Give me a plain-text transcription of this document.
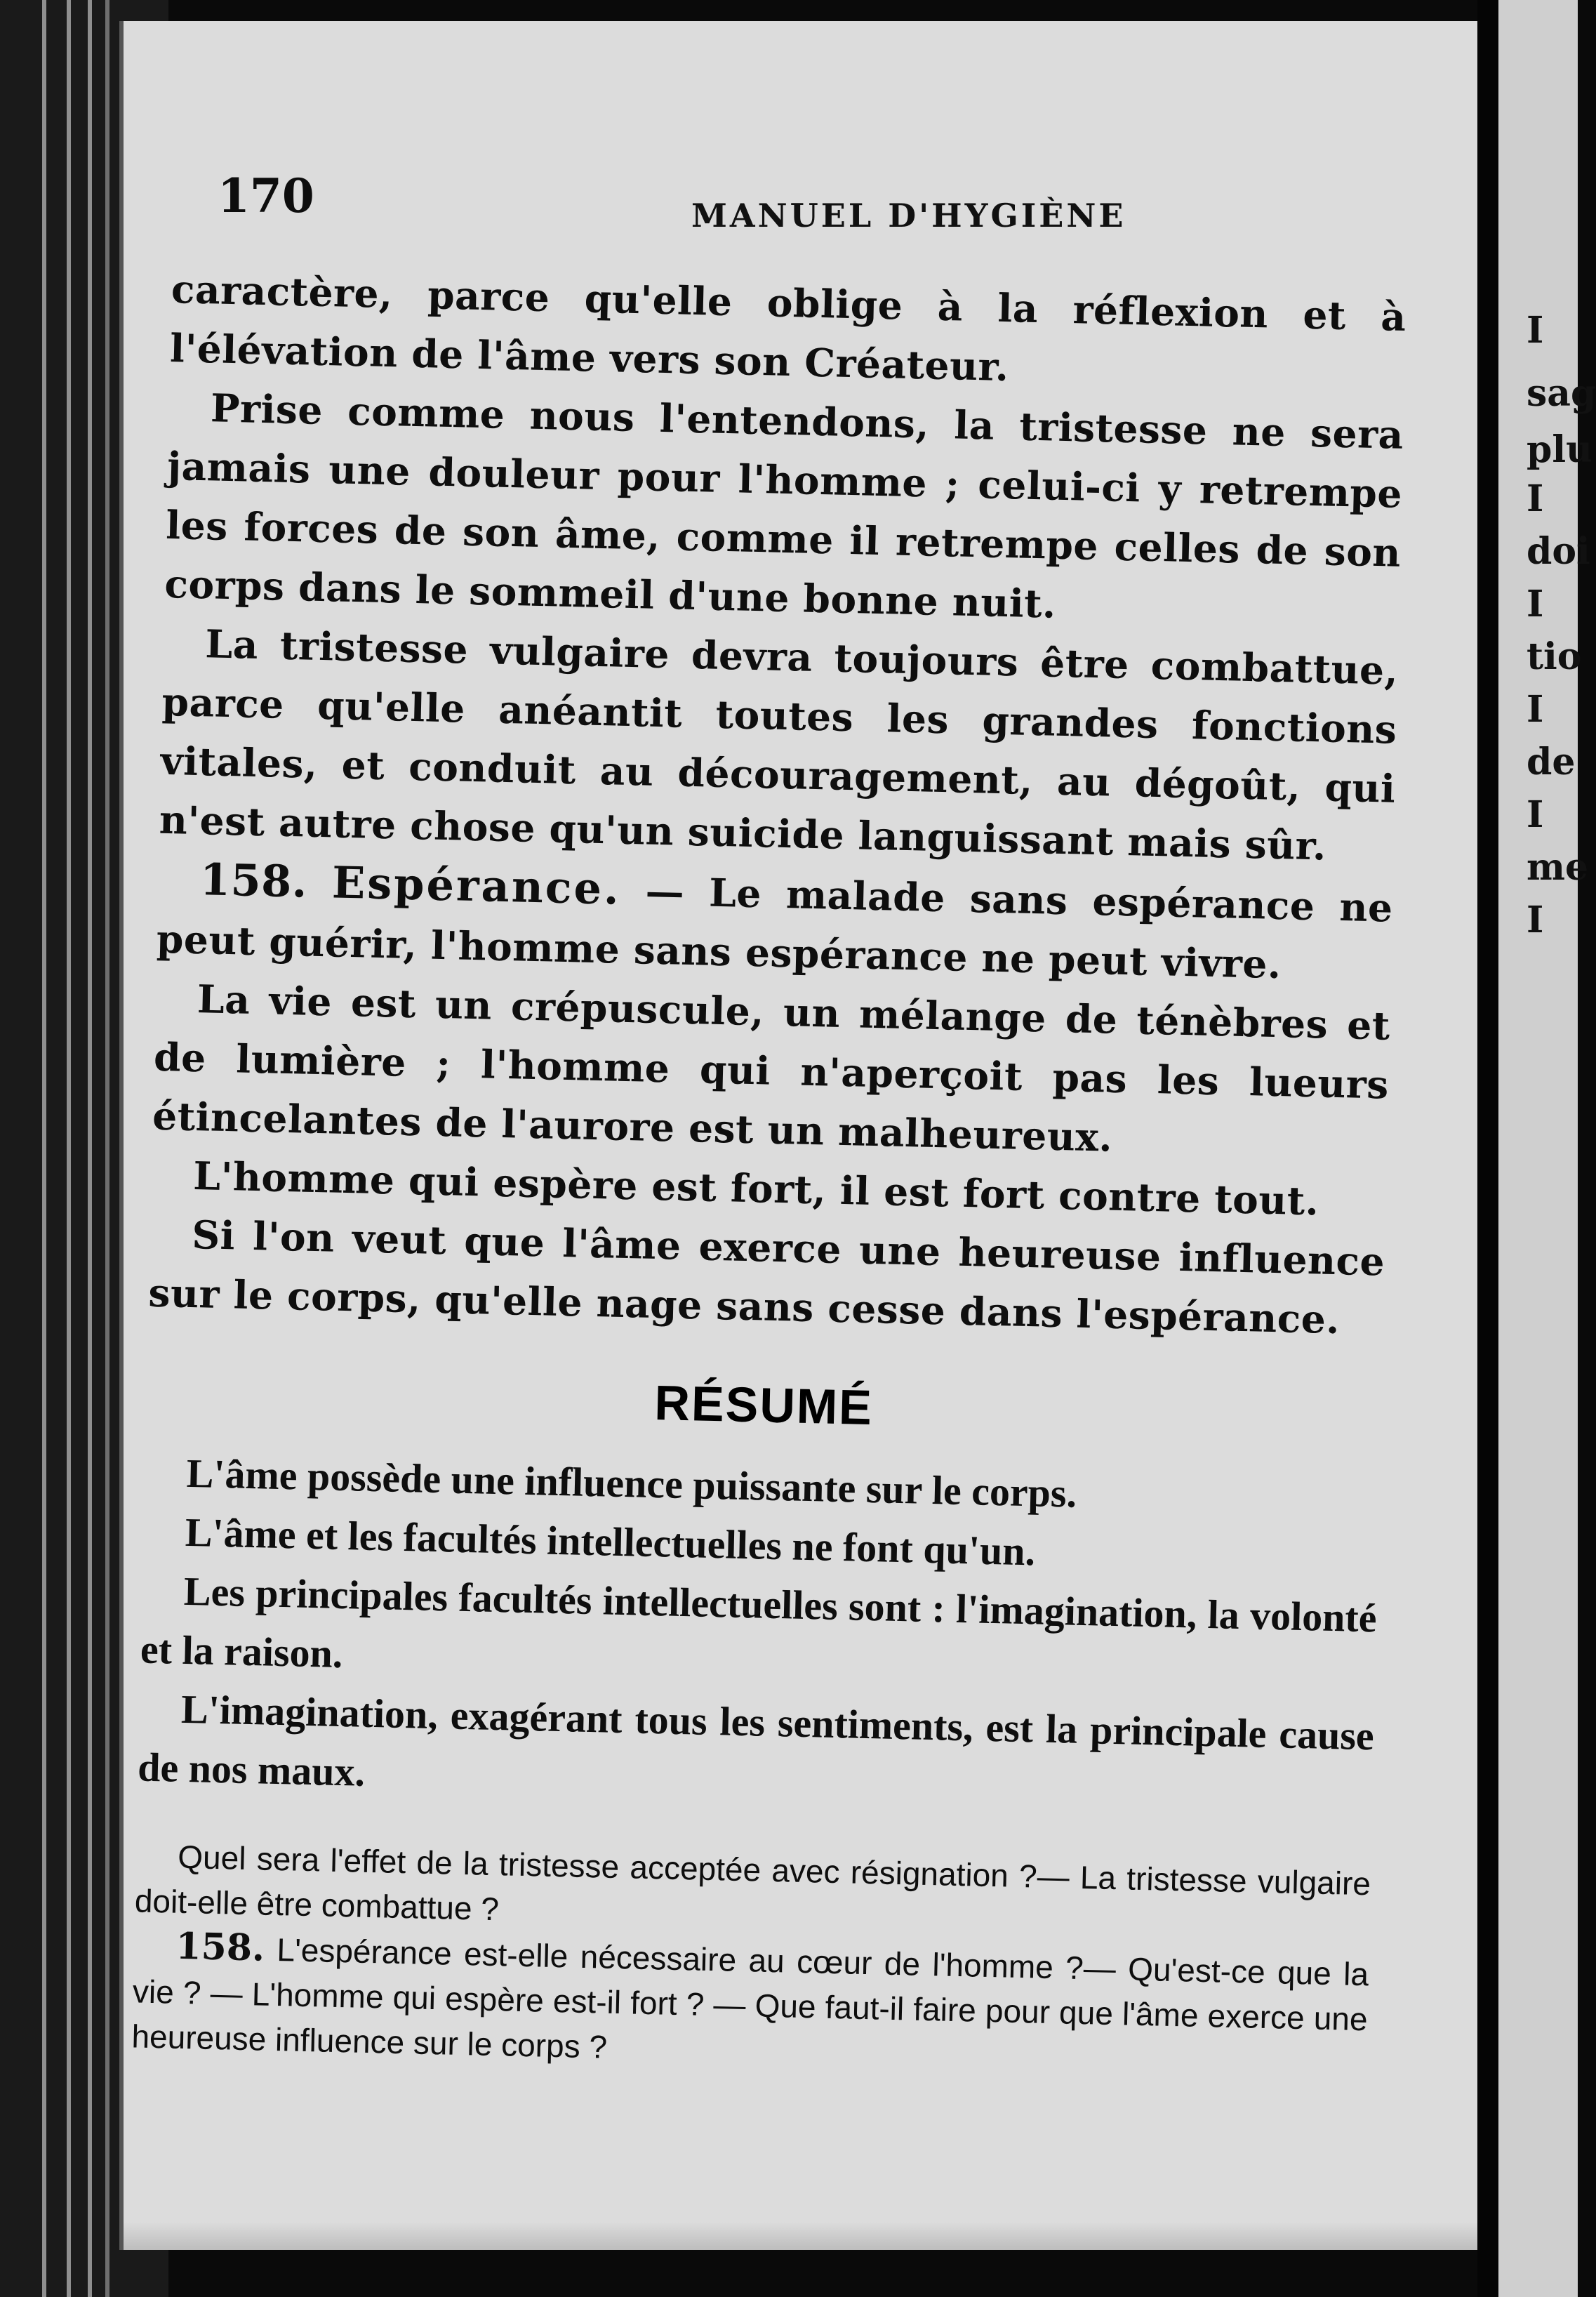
170	MANUEL D'HYGIÈNE

caractère, parce qu'elle oblige à la réflexion et à l'élévation de l'âme vers son Créateur.

Prise comme nous l'entendons, la tristesse ne sera jamais une douleur pour l'homme ; celui-ci y retrempe les forces de son âme, comme il retrempe celles de son corps dans le sommeil d'une bonne nuit.

La tristesse vulgaire devra toujours être combattue, parce qu'elle anéantit toutes les grandes fonctions vitales, et conduit au découragement, au dégoût, qui n'est autre chose qu'un suicide languissant mais sûr.

158. Espérance. — Le malade sans espérance ne peut guérir, l'homme sans espérance ne peut vivre.

La vie est un crépuscule, un mélange de ténèbres et de lumière ; l'homme qui n'aperçoit pas les lueurs étincelantes de l'aurore est un malheureux.

L'homme qui espère est fort, il est fort contre tout.

Si l'on veut que l'âme exerce une heureuse influence sur le corps, qu'elle nage sans cesse dans l'espérance.

RÉSUMÉ

L'âme possède une influence puissante sur le corps.

L'âme et les facultés intellectuelles ne font qu'un.

Les principales facultés intellectuelles sont : l'imagination, la volonté et la raison.

L'imagination, exagérant tous les sentiments, est la principale cause de nos maux.

Quel sera l'effet de la tristesse acceptée avec résignation ?— La tristesse vulgaire doit-elle être combattue ?

158. L'espérance est-elle nécessaire au cœur de l'homme ?— Qu'est-ce que la vie ? — L'homme qui espère est-il fort ? — Que faut-il faire pour que l'âme exerce une heureuse influence sur le corps ?

I
sag
plu
I
doi
I
tio
I
de
I
me
I
